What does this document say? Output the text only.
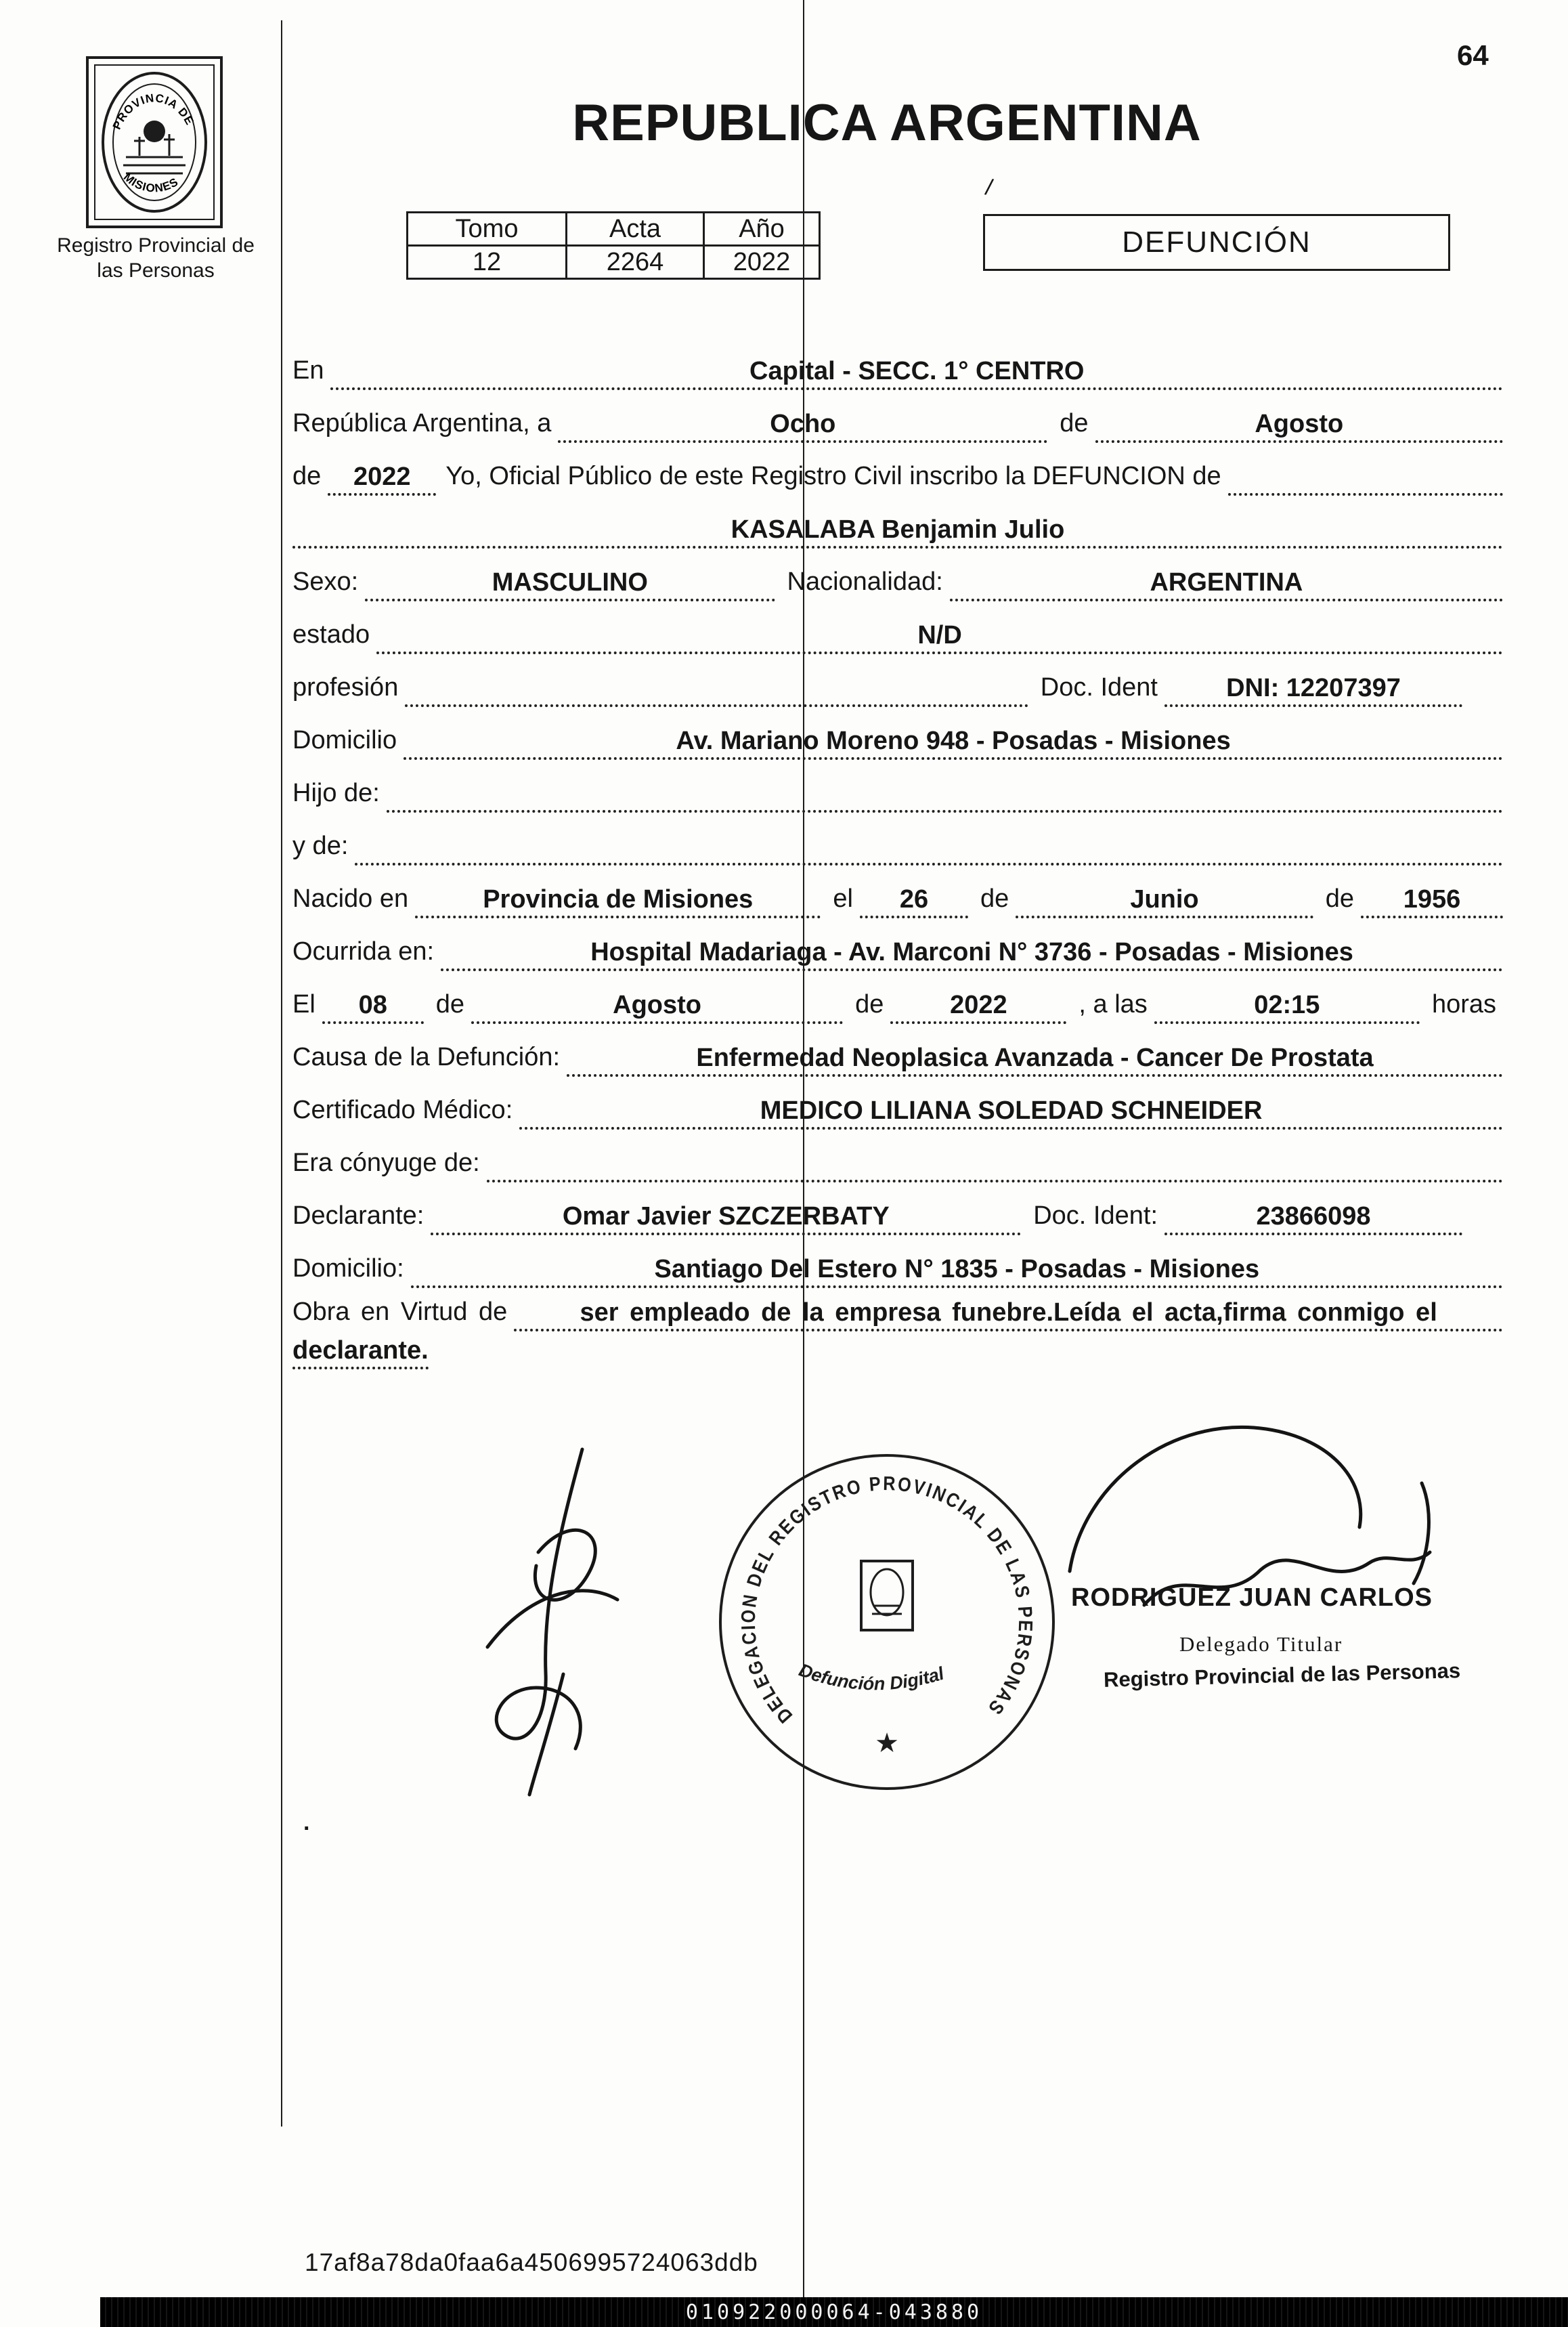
64
PROVINCIA DE
MISIONES
Registro Provincial de
las Personas
REPUBLICA ARGENTINA
Tomo	Acta	Año
12	2264	2022
/
DEFUNCIÓN
En	Capital - SECC. 1° CENTRO
República Argentina, a	Ocho	de	Agosto
de	2022	Yo, Oficial Público de este Registro Civil inscribo la DEFUNCION de
KASALABA Benjamin Julio
Sexo:	MASCULINO	Nacionalidad:	ARGENTINA
estado	N/D
profesión	Doc. Ident	DNI: 12207397
Domicilio	Av. Mariano Moreno 948 - Posadas - Misiones
Hijo de:
y de:
Nacido en	Provincia de Misiones	el	26	de	Junio	de	1956
Ocurrida en:	Hospital Madariaga - Av. Marconi N° 3736 - Posadas - Misiones
El	08	de	Agosto	de	2022	, a las	02:15	horas
Causa de la Defunción:	Enfermedad Neoplasica Avanzada - Cancer De Prostata
Certificado Médico:	MEDICO LILIANA SOLEDAD SCHNEIDER
Era cónyuge de:
Declarante:	Omar Javier SZCZERBATY	Doc. Ident:	23866098
Domicilio:	Santiago Del Estero N° 1835 - Posadas - Misiones
Obra en Virtud de	ser empleado de la empresa funebre.Leída el acta,firma conmigo el
declarante.
DELEGACION DEL REGISTRO PROVINCIAL DE LAS PERSONAS
Defunción Digital
★
RODRIGUEZ JUAN CARLOS
Delegado Titular
Registro Provincial de las Personas
.
17af8a78da0faa6a4506995724063ddb
010922000064-043880
